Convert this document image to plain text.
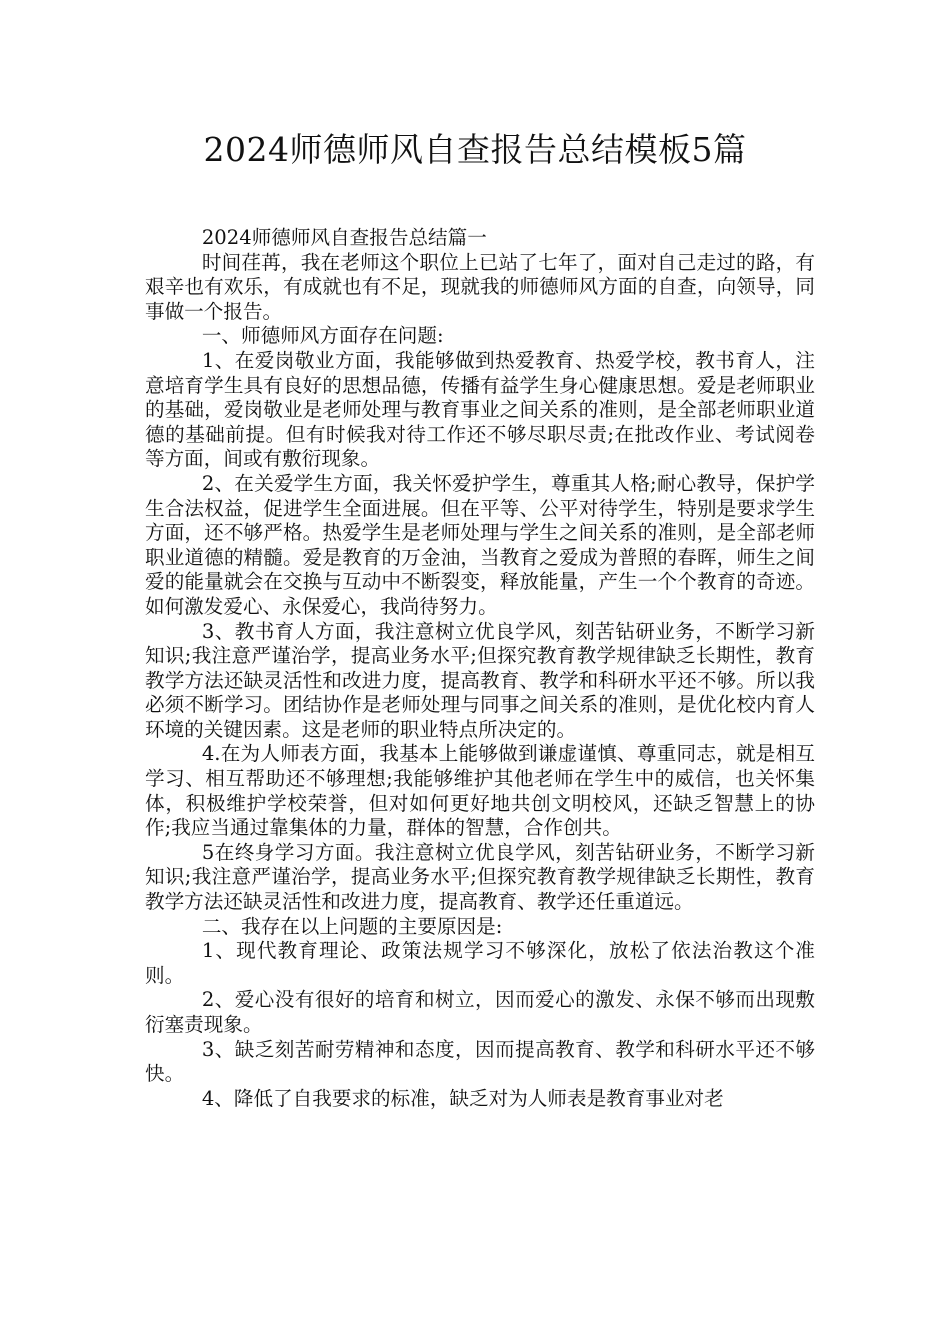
2024师德师风自查报告总结模板5篇

2024师德师风自查报告总结篇一

时间荏苒，我在老师这个职位上已站了七年了，面对自己走过的路，有艰辛也有欢乐，有成就也有不足，现就我的师德师风方面的自查，向领导，同事做一个报告。

一、师德师风方面存在问题:

1、在爱岗敬业方面，我能够做到热爱教育、热爱学校，教书育人，注意培育学生具有良好的思想品德，传播有益学生身心健康思想。爱是老师职业的基础，爱岗敬业是老师处理与教育事业之间关系的准则，是全部老师职业道德的基础前提。但有时候我对待工作还不够尽职尽责;在批改作业、考试阅卷等方面，间或有敷衍现象。

2、在关爱学生方面，我关怀爱护学生，尊重其人格;耐心教导，保护学生合法权益，促进学生全面进展。但在平等、公平对待学生，特别是要求学生方面，还不够严格。热爱学生是老师处理与学生之间关系的准则，是全部老师职业道德的精髓。爱是教育的万金油，当教育之爱成为普照的春晖，师生之间爱的能量就会在交换与互动中不断裂变，释放能量，产生一个个教育的奇迹。如何激发爱心、永保爱心，我尚待努力。

3、教书育人方面，我注意树立优良学风，刻苦钻研业务，不断学习新知识;我注意严谨治学，提高业务水平;但探究教育教学规律缺乏长期性，教育教学方法还缺灵活性和改进力度，提高教育、教学和科研水平还不够。所以我必须不断学习。团结协作是老师处理与同事之间关系的准则，是优化校内育人环境的关键因素。这是老师的职业特点所决定的。

4.在为人师表方面，我基本上能够做到谦虚谨慎、尊重同志，就是相互学习、相互帮助还不够理想;我能够维护其他老师在学生中的威信，也关怀集体，积极维护学校荣誉，但对如何更好地共创文明校风，还缺乏智慧上的协作;我应当通过靠集体的力量，群体的智慧，合作创共。

5在终身学习方面。我注意树立优良学风，刻苦钻研业务，不断学习新知识;我注意严谨治学，提高业务水平;但探究教育教学规律缺乏长期性，教育教学方法还缺灵活性和改进力度，提高教育、教学还任重道远。

二、我存在以上问题的主要原因是:

1、现代教育理论、政策法规学习不够深化，放松了依法治教这个准则。

2、爱心没有很好的培育和树立，因而爱心的激发、永保不够而出现敷衍塞责现象。

3、缺乏刻苦耐劳精神和态度，因而提高教育、教学和科研水平还不够快。

4、降低了自我要求的标准，缺乏对为人师表是教育事业对老
